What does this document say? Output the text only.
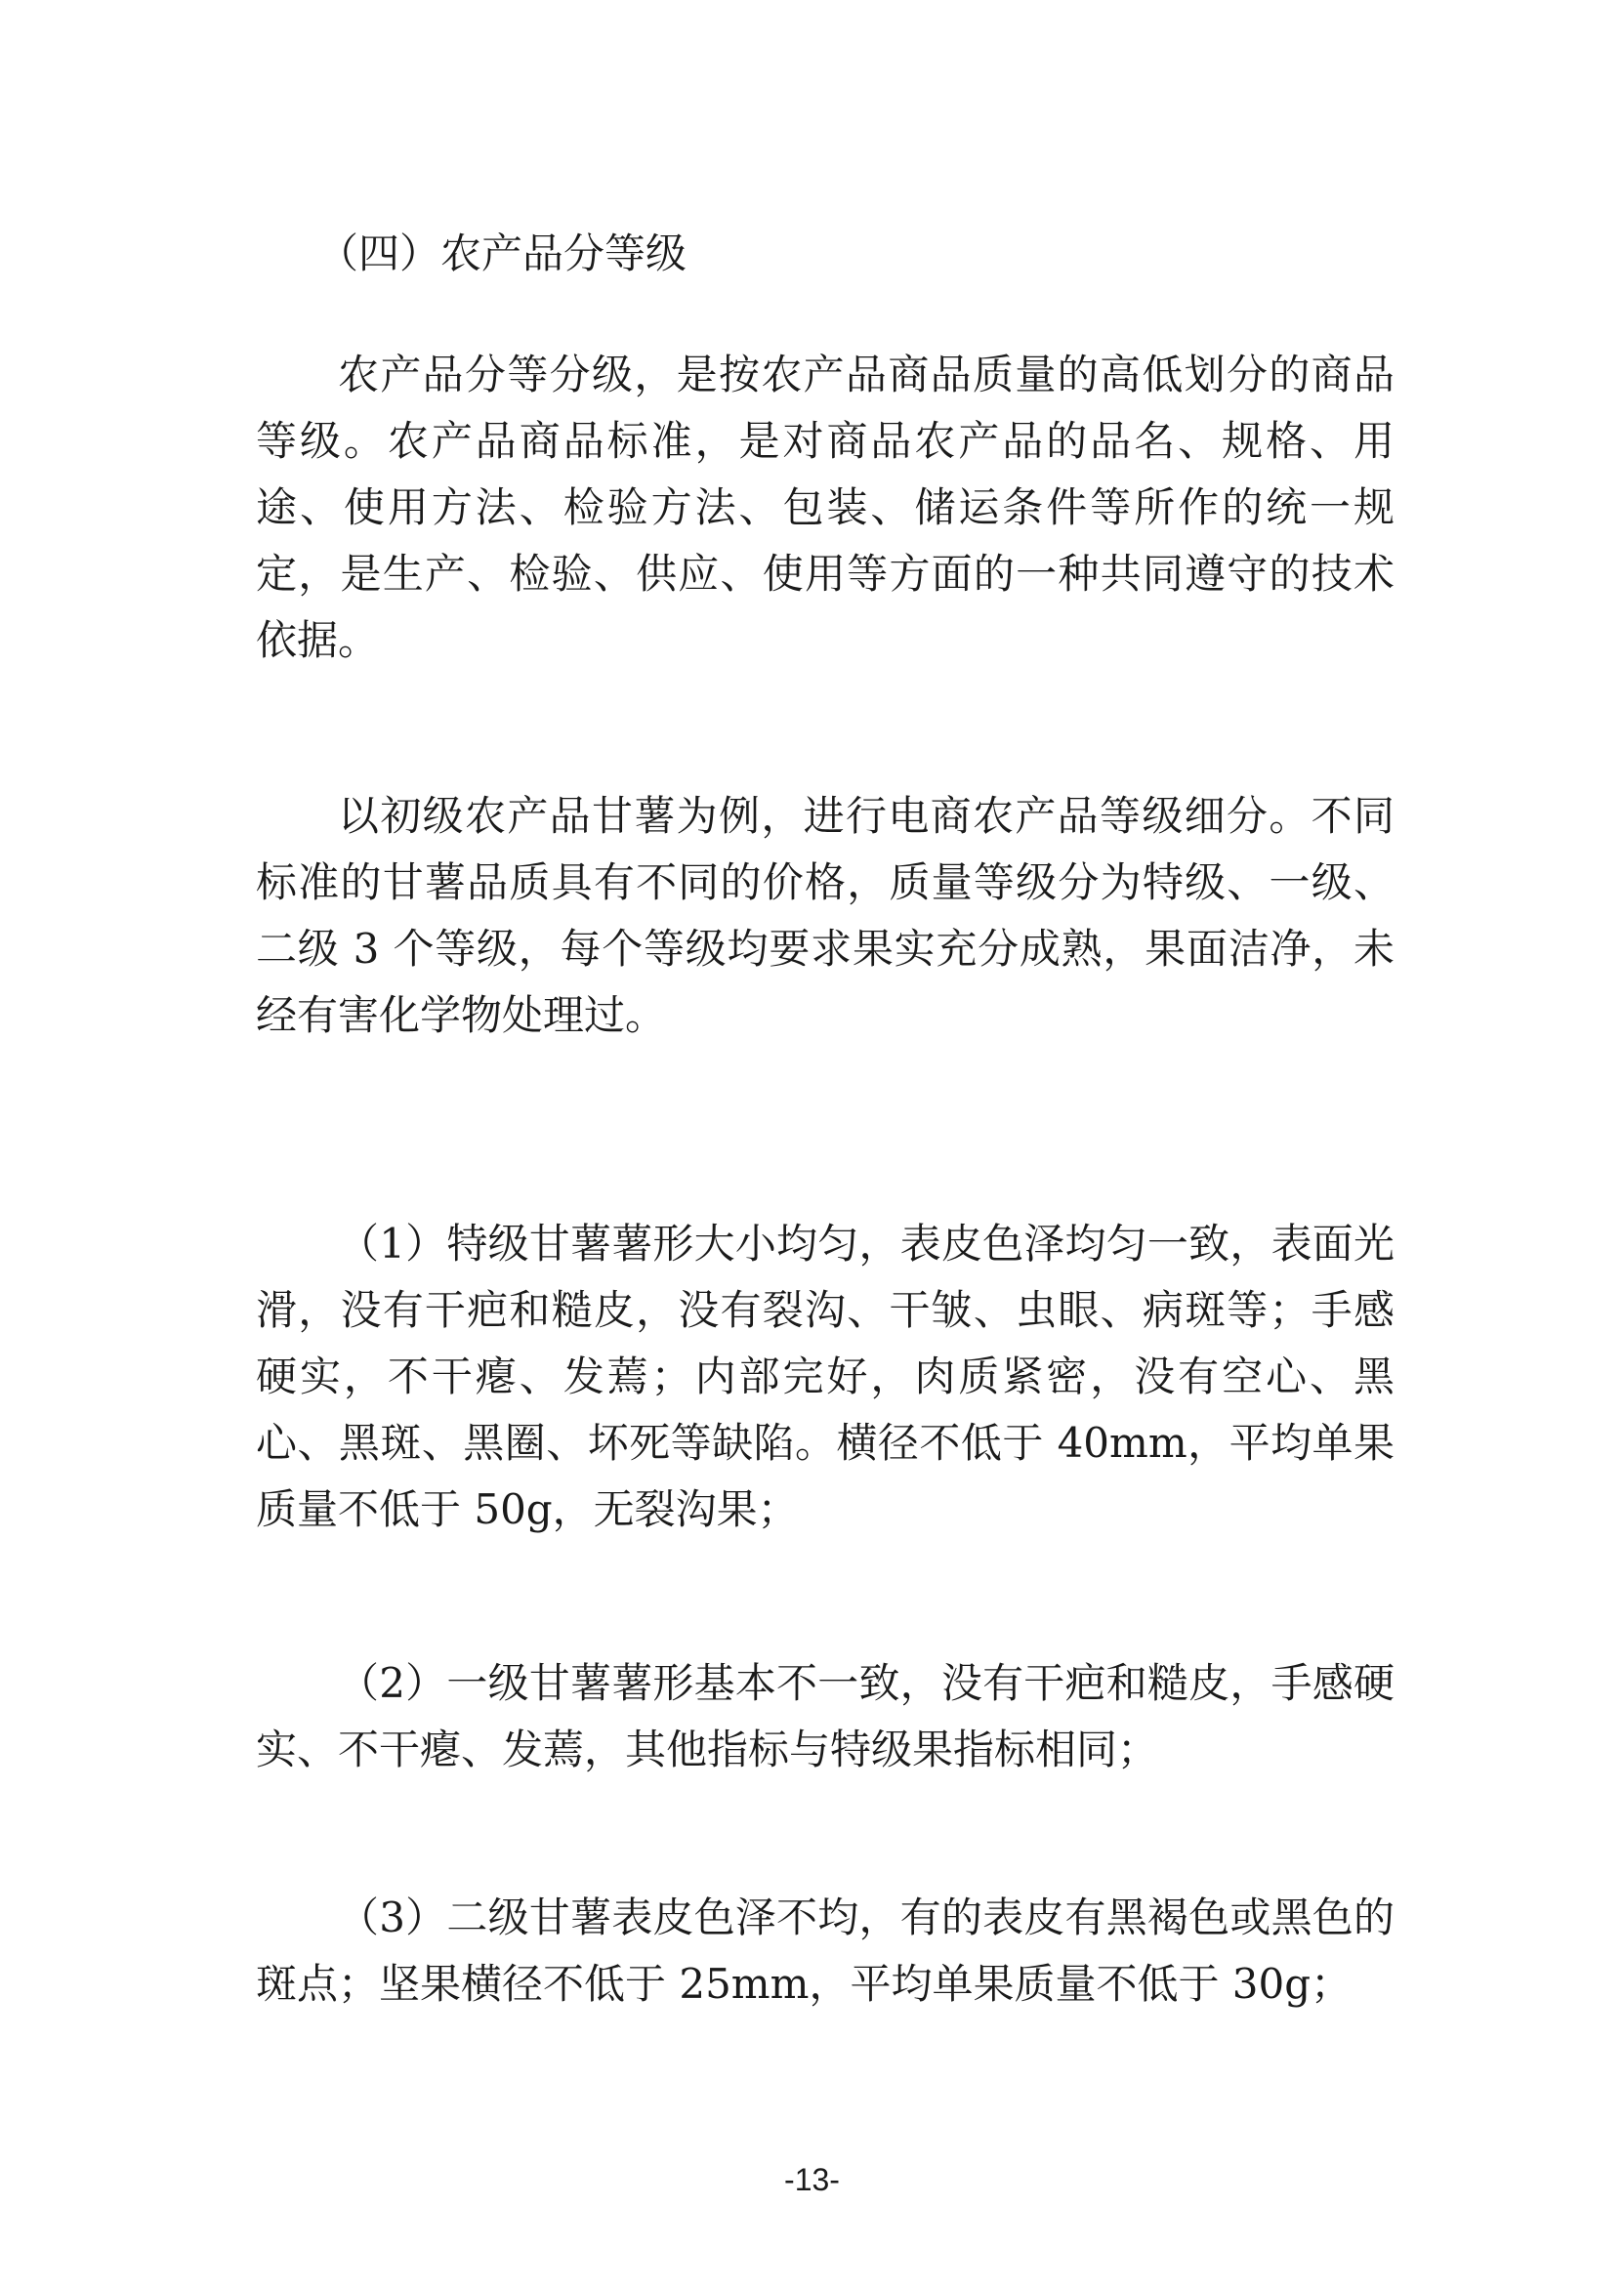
（四）农产品分等级

农产品分等分级，是按农产品商品质量的高低划分的商品等级。农产品商品标准，是对商品农产品的品名、规格、用途、使用方法、检验方法、包装、储运条件等所作的统一规定，是生产、检验、供应、使用等方面的一种共同遵守的技术依据。

以初级农产品甘薯为例，进行电商农产品等级细分。不同标准的甘薯品质具有不同的价格，质量等级分为特级、一级、二级 3 个等级，每个等级均要求果实充分成熟，果面洁净，未经有害化学物处理过。

（1）特级甘薯薯形大小均匀，表皮色泽均匀一致，表面光滑，没有干疤和糙皮，没有裂沟、干皱、虫眼、病斑等；手感硬实，不干瘪、发蔫；内部完好，肉质紧密，没有空心、黑心、黑斑、黑圈、坏死等缺陷。横径不低于 40mm，平均单果质量不低于 50g，无裂沟果；

（2）一级甘薯薯形基本不一致，没有干疤和糙皮，手感硬实、不干瘪、发蔫，其他指标与特级果指标相同；

（3）二级甘薯表皮色泽不均，有的表皮有黑褐色或黑色的斑点；坚果横径不低于 25mm，平均单果质量不低于 30g；

-13-
